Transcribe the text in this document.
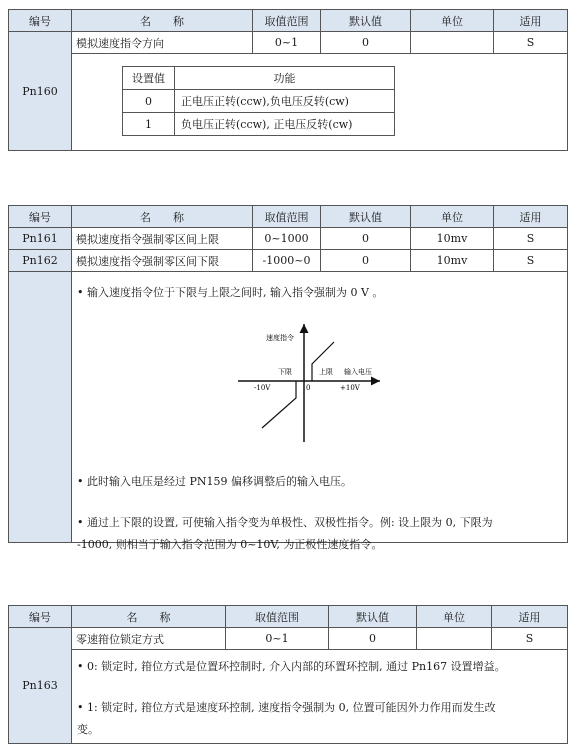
编号	名　　称	取值范围	默认值	单位	适用
Pn160	模拟速度指令方向	0~1	0		S

设置值	功能
0	正电压正转(ccw),负电压反转(cw)
1	负电压正转(ccw), 正电压反转(cw)
编号	名　　称	取值范围	默认值	单位	适用
Pn161	模拟速度指令强制零区间上限	0~1000	0	10mv	S
Pn162	模拟速度指令强制零区间下限	-1000~0	0	10mv	S

• 输入速度指令位于下限与上限之间时, 输入指令强制为 0 V 。
速度指令
下限	上限 输入电压
-10V	0	+10V
• 此时输入电压是经过 PN159 偏移调整后的输入电压。
• 通过上下限的设置, 可使输入指令变为单极性、双极性指令。例: 设上限为 0, 下限为
-1000, 则相当于输入指令范围为 0~10V, 为正极性速度指令。
编号	名　　称	取值范围	默认值	单位	适用
Pn163	零速箝位锁定方式	0~1	0		S

• 0: 锁定时, 箝位方式是位置环控制时, 介入内部的环置环控制, 通过 Pn167 设置增益。
• 1: 锁定时, 箝位方式是速度环控制, 速度指令强制为 0, 位置可能因外力作用而发生改
变。
